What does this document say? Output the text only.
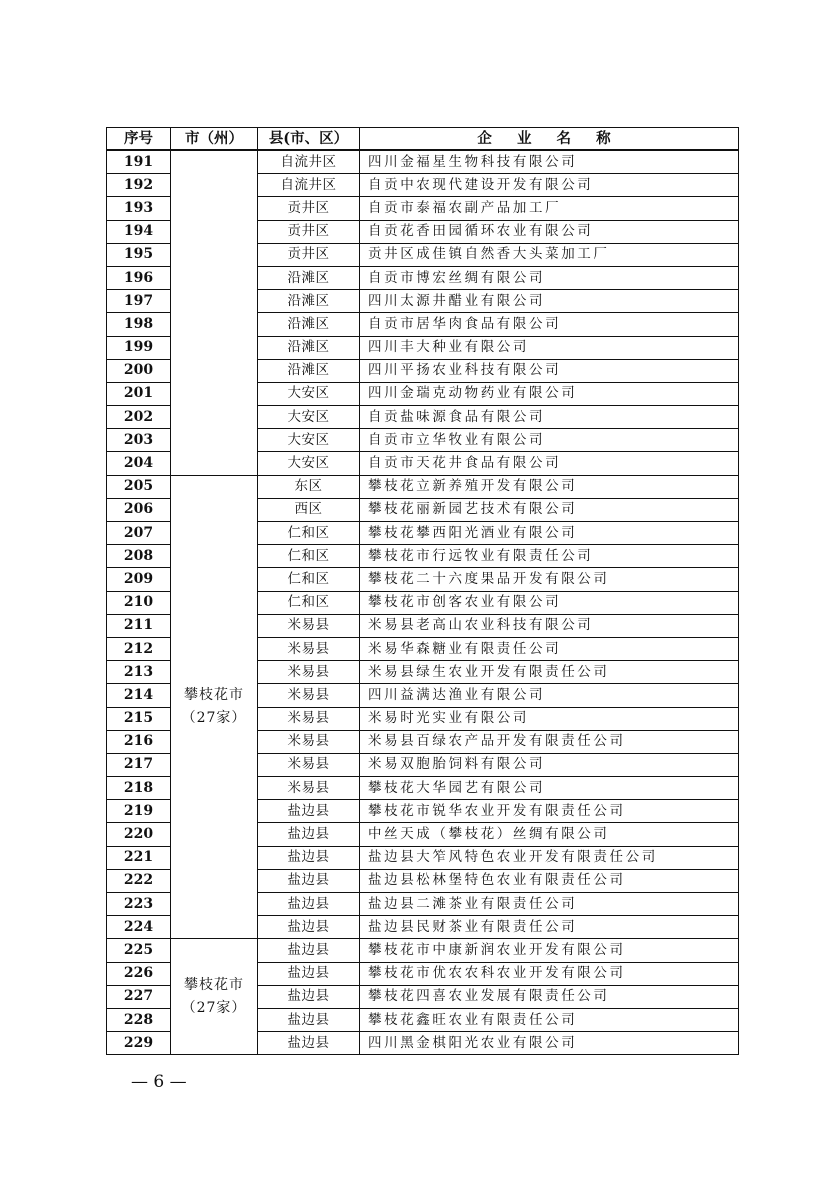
序号	市（州）	县(市、区）	企 业 名 称
191		自流井区	四川金福星生物科技有限公司
192		自流井区	自贡中农现代建设开发有限公司
193		贡井区	自贡市泰福农副产品加工厂
194		贡井区	自贡花香田园循环农业有限公司
195		贡井区	贡井区成佳镇自然香大头菜加工厂
196		沿滩区	自贡市博宏丝绸有限公司
197		沿滩区	四川太源井醋业有限公司
198		沿滩区	自贡市居华肉食品有限公司
199		沿滩区	四川丰大种业有限公司
200		沿滩区	四川平扬农业科技有限公司
201		大安区	四川金瑞克动物药业有限公司
202		大安区	自贡盐味源食品有限公司
203		大安区	自贡市立华牧业有限公司
204		大安区	自贡市天花井食品有限公司
205	攀枝花市（27家）	东区	攀枝花立新养殖开发有限公司
206		西区	攀枝花丽新园艺技术有限公司
207		仁和区	攀枝花攀西阳光酒业有限公司
208		仁和区	攀枝花市行远牧业有限责任公司
209		仁和区	攀枝花二十六度果品开发有限公司
210		仁和区	攀枝花市创客农业有限公司
211		米易县	米易县老高山农业科技有限公司
212		米易县	米易华森糖业有限责任公司
213		米易县	米易县绿生农业开发有限责任公司
214		米易县	四川益满达渔业有限公司
215		米易县	米易时光实业有限公司
216		米易县	米易县百绿农产品开发有限责任公司
217		米易县	米易双胞胎饲料有限公司
218		米易县	攀枝花大华园艺有限公司
219		盐边县	攀枝花市锐华农业开发有限责任公司
220		盐边县	中丝天成（攀枝花）丝绸有限公司
221		盐边县	盐边县大笮风特色农业开发有限责任公司
222		盐边县	盐边县松林堡特色农业有限责任公司
223		盐边县	盐边县二滩茶业有限责任公司
224		盐边县	盐边县民财茶业有限责任公司
225	攀枝花市（27家）	盐边县	攀枝花市中康新润农业开发有限公司
226		盐边县	攀枝花市优农农科农业开发有限公司
227		盐边县	攀枝花四喜农业发展有限责任公司
228		盐边县	攀枝花鑫旺农业有限责任公司
229		盐边县	四川黑金棋阳光农业有限公司
— 6 —
